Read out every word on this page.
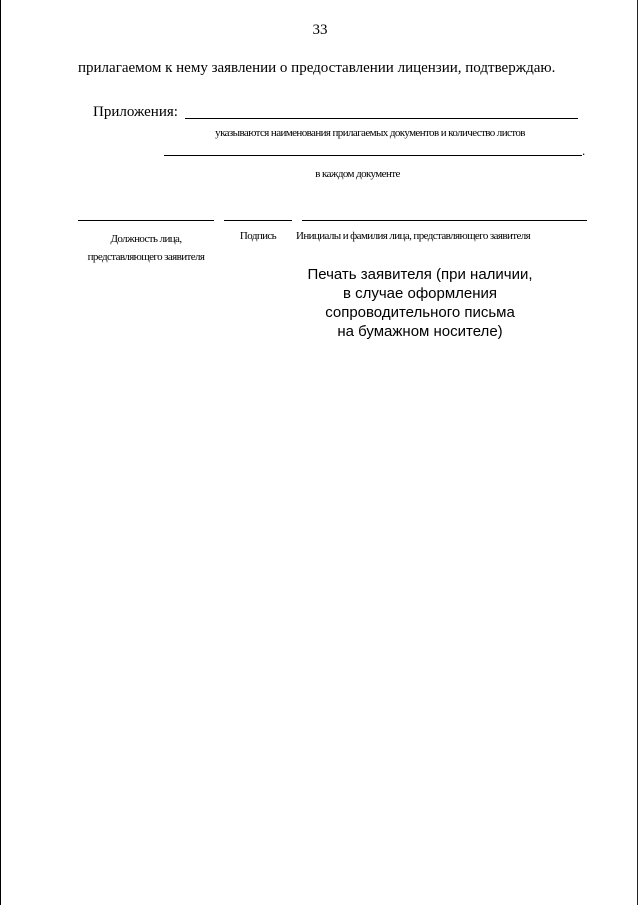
33
прилагаемом к нему заявлении о предоставлении лицензии, подтверждаю.
Приложения:
указываются наименования прилагаемых документов и количество листов
.
в каждом документе
Должность лица,
представляющего заявителя
Подпись	Инициалы и фамилия лица, представляющего заявителя
Печать заявителя (при наличии,
в случае оформления
сопроводительного письма
на бумажном носителе)
